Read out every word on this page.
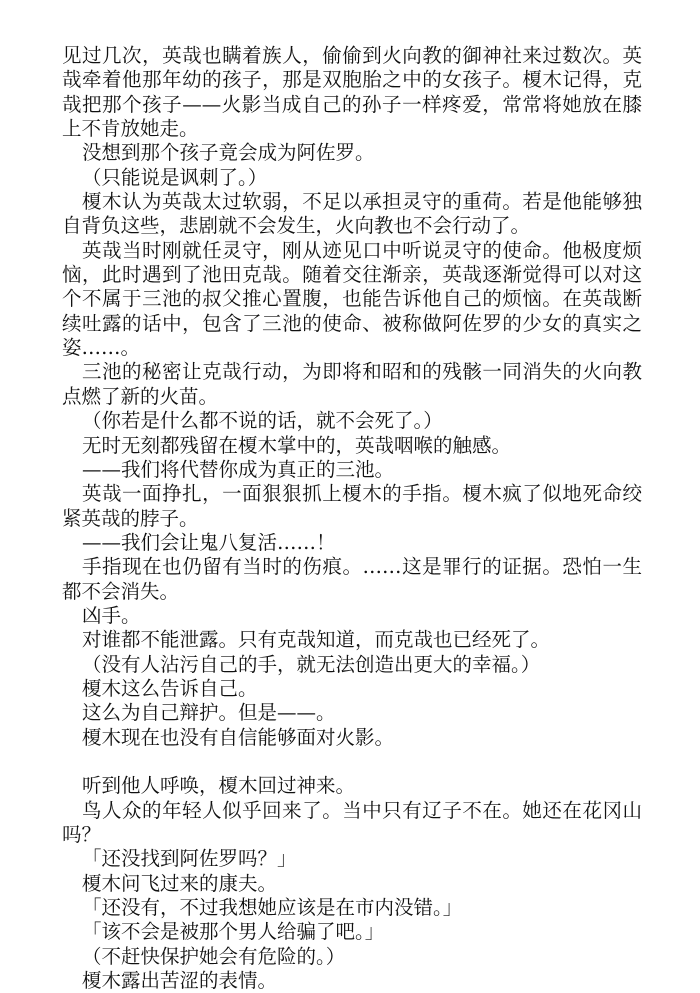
见过几次，英哉也瞒着族人，偷偷到火向教的御神社来过数次。英哉牵着他那年幼的孩子，那是双胞胎之中的女孩子。榎木记得，克哉把那个孩子——火影当成自己的孙子一样疼爱，常常将她放在膝上不肯放她走。

没想到那个孩子竟会成为阿佐罗。

（只能说是讽刺了。）

榎木认为英哉太过软弱，不足以承担灵守的重荷。若是他能够独自背负这些，悲剧就不会发生，火向教也不会行动了。

英哉当时刚就任灵守，刚从迹见口中听说灵守的使命。他极度烦恼，此时遇到了池田克哉。随着交往渐亲，英哉逐渐觉得可以对这个不属于三池的叔父推心置腹，也能告诉他自己的烦恼。在英哉断续吐露的话中，包含了三池的使命、被称做阿佐罗的少女的真实之姿……。

三池的秘密让克哉行动，为即将和昭和的残骸一同消失的火向教点燃了新的火苗。

（你若是什么都不说的话，就不会死了。）

无时无刻都残留在榎木掌中的，英哉咽喉的触感。

——我们将代替你成为真正的三池。

英哉一面挣扎，一面狠狠抓上榎木的手指。榎木疯了似地死命绞紧英哉的脖子。

——我们会让鬼八复活……！

手指现在也仍留有当时的伤痕。……这是罪行的证据。恐怕一生都不会消失。

凶手。

对谁都不能泄露。只有克哉知道，而克哉也已经死了。

（没有人沾污自己的手，就无法创造出更大的幸福。）

榎木这么告诉自己。

这么为自己辩护。但是——。

榎木现在也没有自信能够面对火影。

听到他人呼唤，榎木回过神来。

鸟人众的年轻人似乎回来了。当中只有辽子不在。她还在花冈山吗？

「还没找到阿佐罗吗？」

榎木问飞过来的康夫。

「还没有，不过我想她应该是在市内没错。」

「该不会是被那个男人给骗了吧。」

（不赶快保护她会有危险的。）

榎木露出苦涩的表情。
